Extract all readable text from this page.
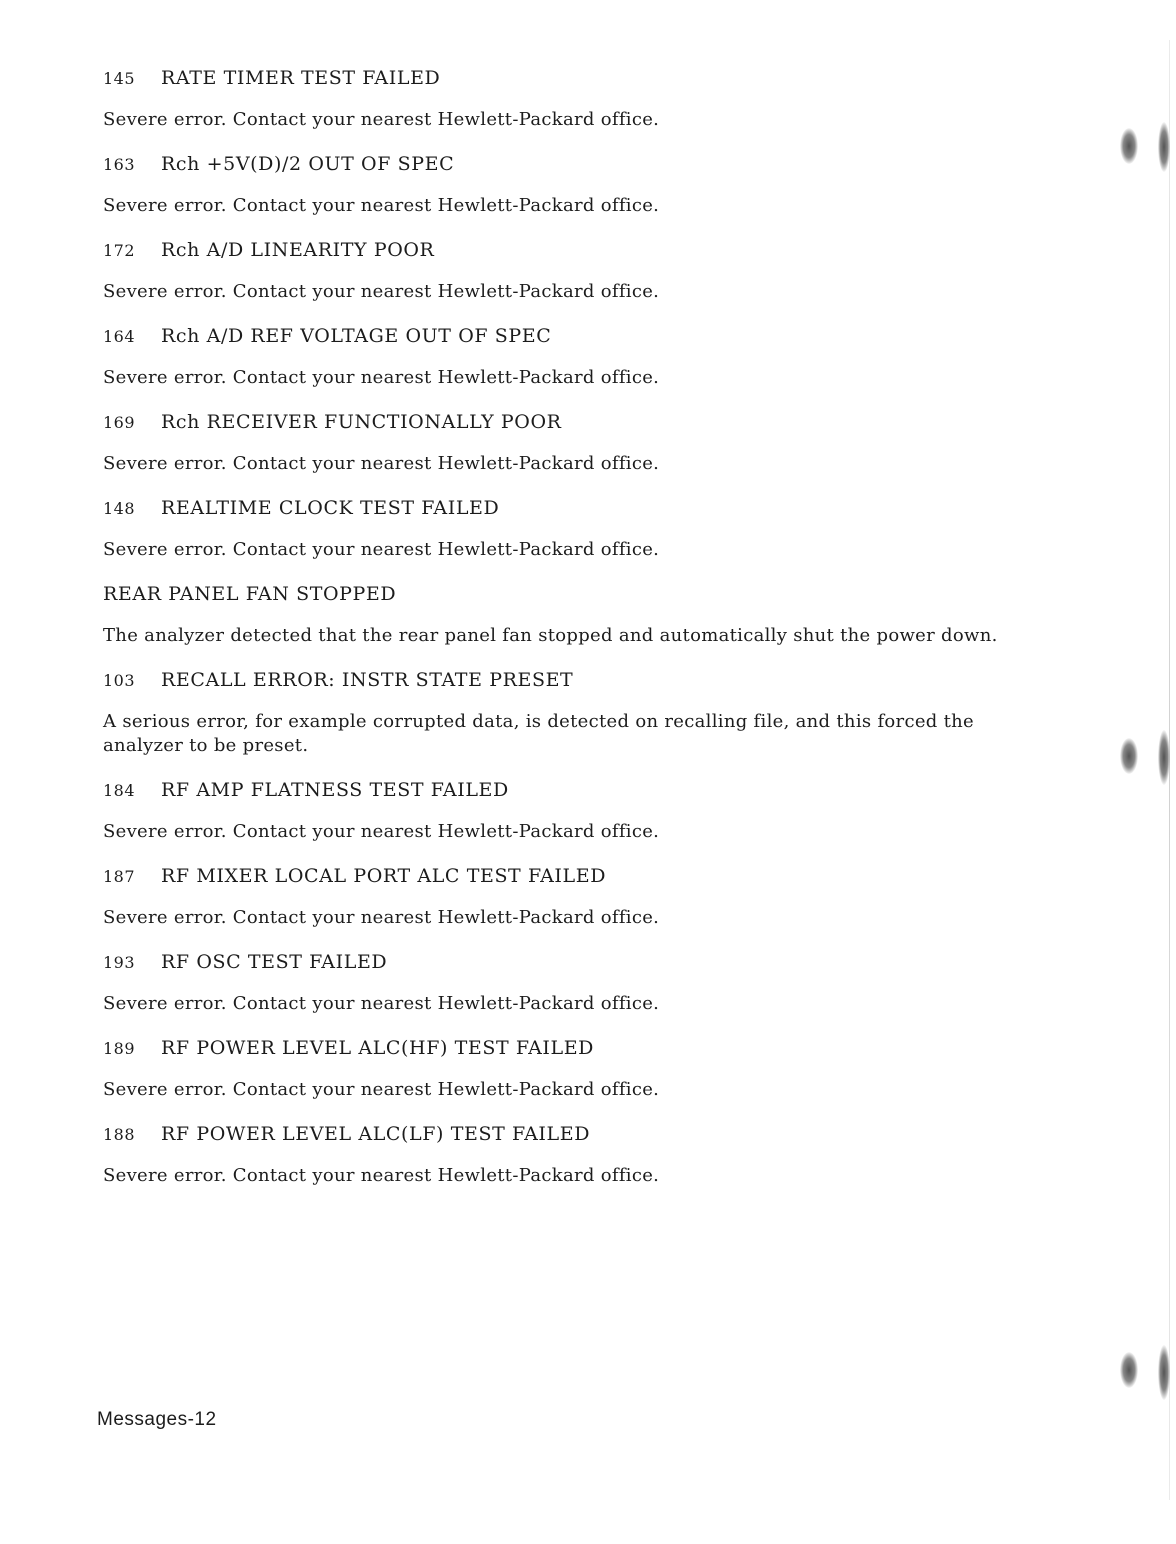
145 RATE TIMER TEST FAILED

Severe error. Contact your nearest Hewlett-Packard office.

163 Rch +5V(D)/2 OUT OF SPEC

Severe error. Contact your nearest Hewlett-Packard office.

172 Rch A/D LINEARITY POOR

Severe error. Contact your nearest Hewlett-Packard office.

164 Rch A/D REF VOLTAGE OUT OF SPEC

Severe error. Contact your nearest Hewlett-Packard office.

169 Rch RECEIVER FUNCTIONALLY POOR

Severe error. Contact your nearest Hewlett-Packard office.

148 REALTIME CLOCK TEST FAILED

Severe error. Contact your nearest Hewlett-Packard office.

REAR PANEL FAN STOPPED

The analyzer detected that the rear panel fan stopped and automatically shut the power down.

103 RECALL ERROR: INSTR STATE PRESET

A serious error, for example corrupted data, is detected on recalling file, and this forced the analyzer to be preset.

184 RF AMP FLATNESS TEST FAILED

Severe error. Contact your nearest Hewlett-Packard office.

187 RF MIXER LOCAL PORT ALC TEST FAILED

Severe error. Contact your nearest Hewlett-Packard office.

193 RF OSC TEST FAILED

Severe error. Contact your nearest Hewlett-Packard office.

189 RF POWER LEVEL ALC(HF) TEST FAILED

Severe error. Contact your nearest Hewlett-Packard office.

188 RF POWER LEVEL ALC(LF) TEST FAILED

Severe error. Contact your nearest Hewlett-Packard office.

Messages-12
